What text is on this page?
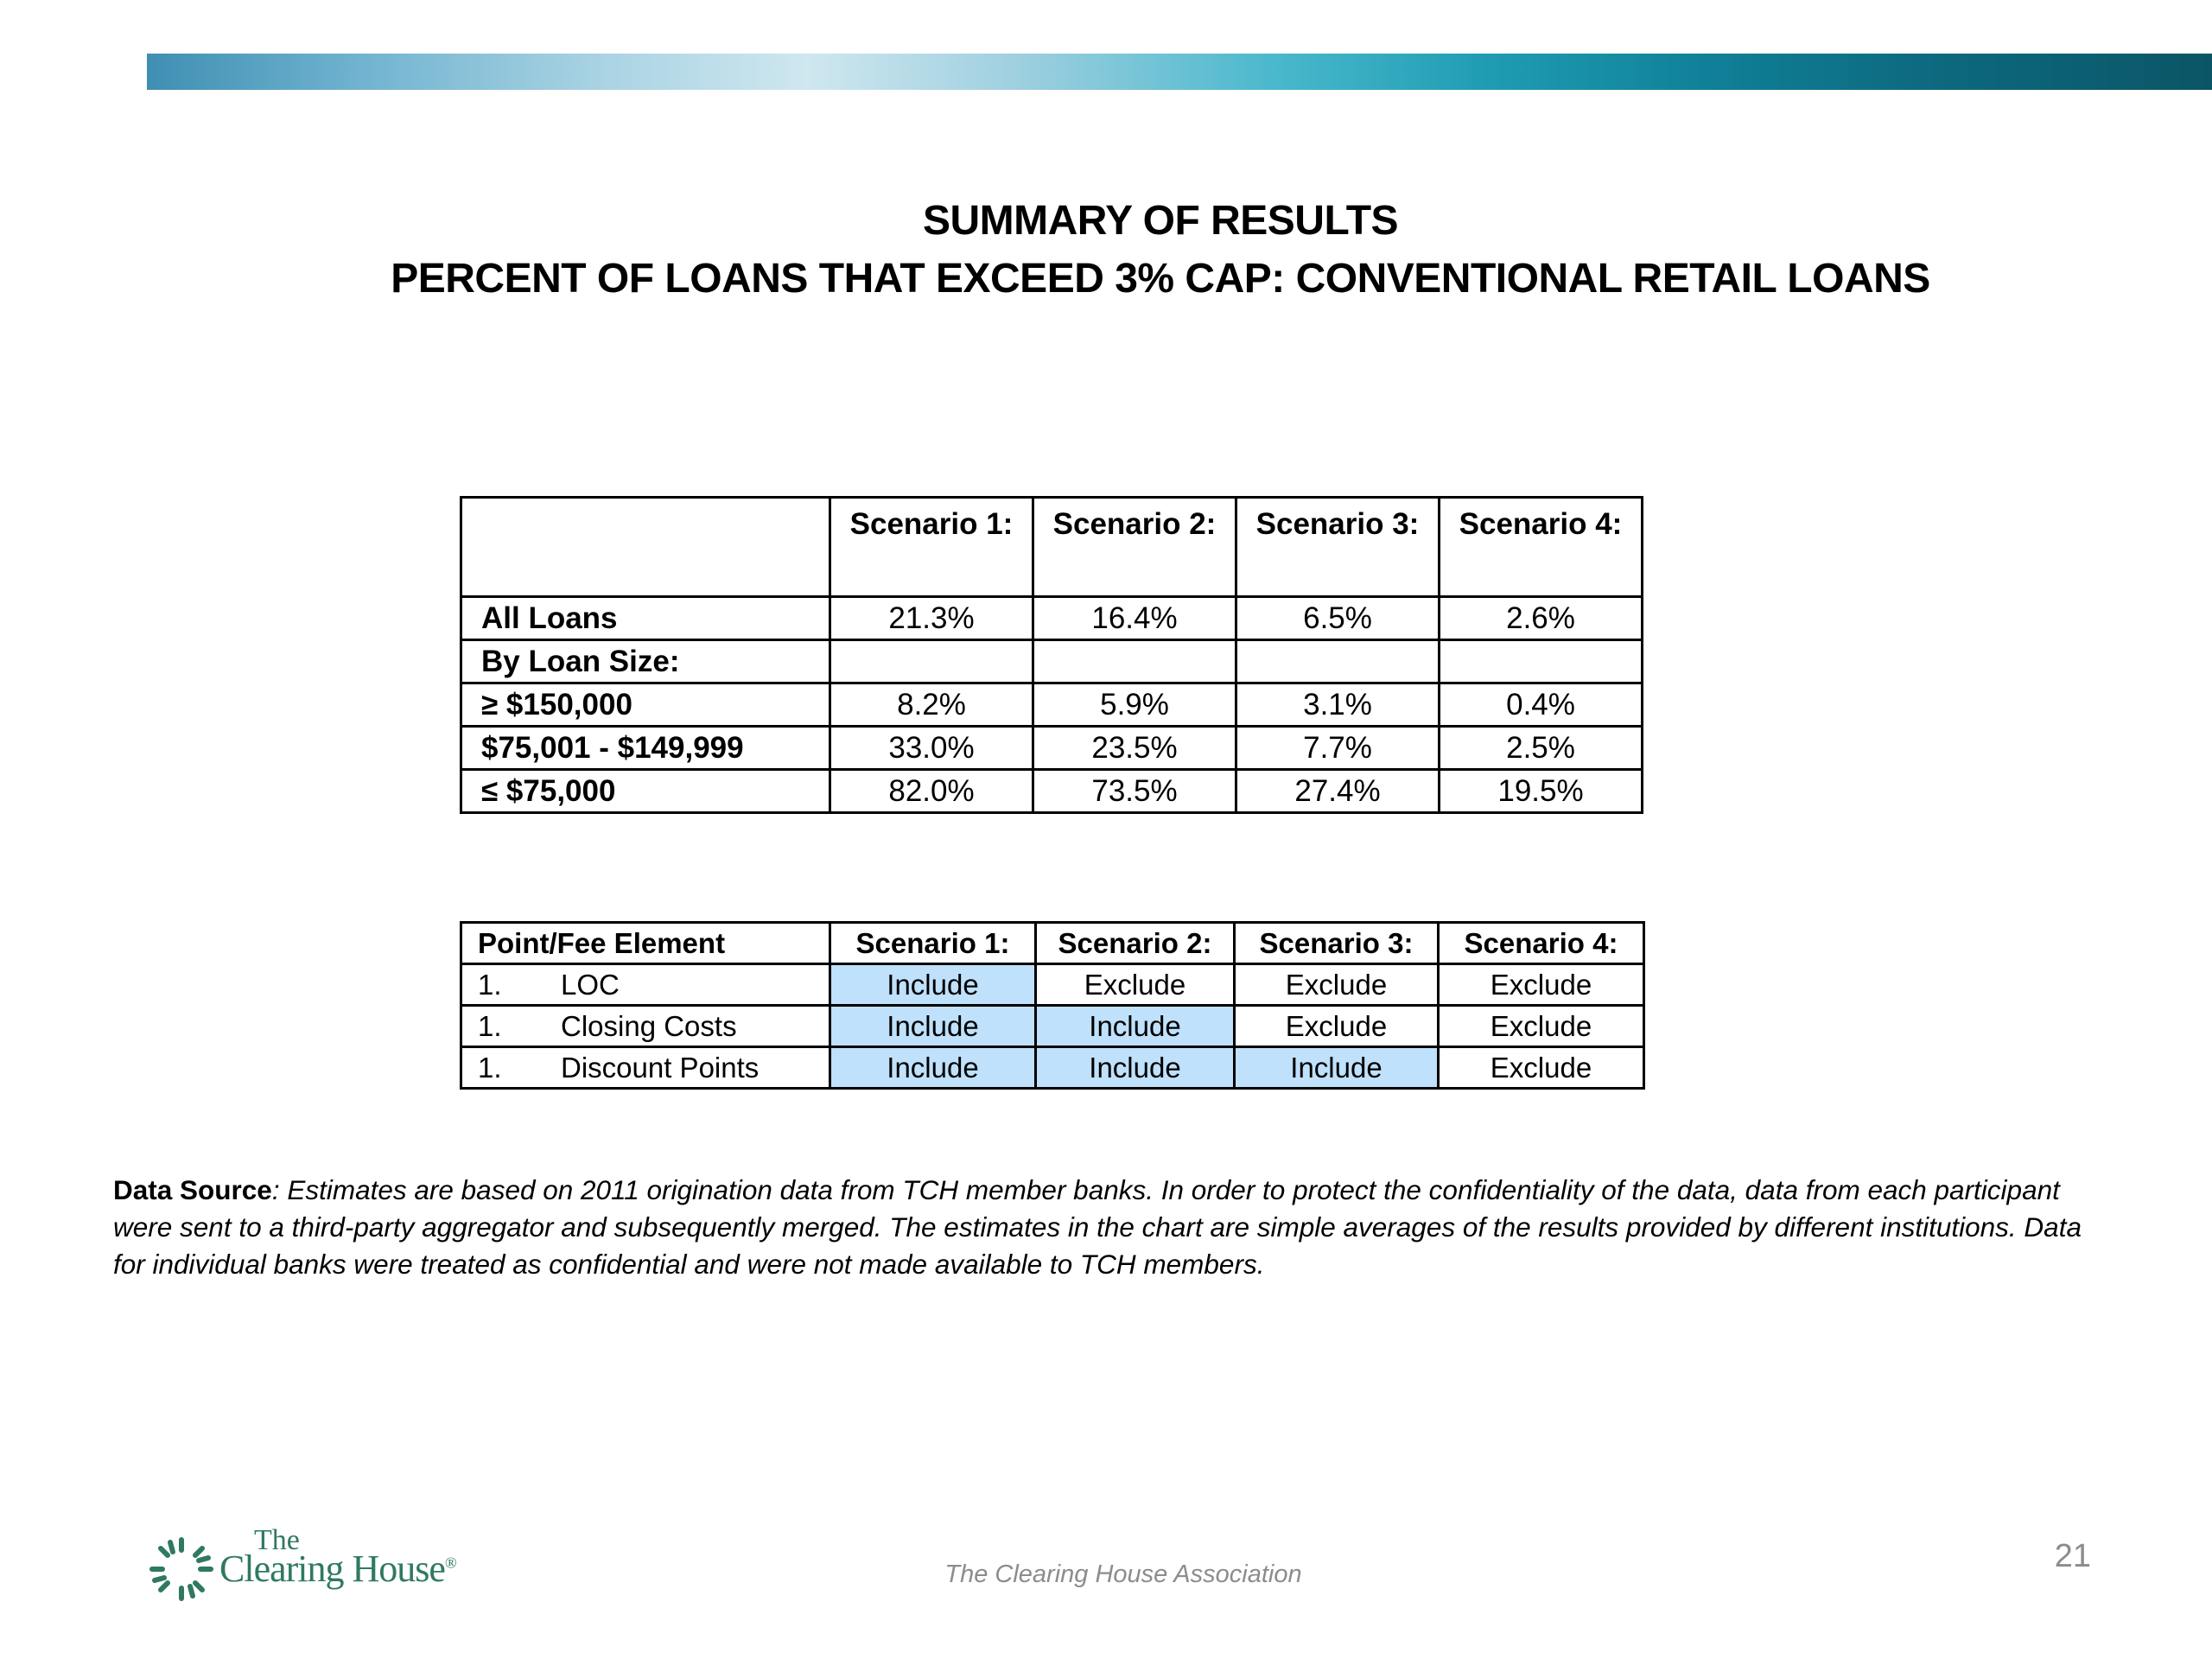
SUMMARY OF RESULTS
PERCENT OF LOANS THAT EXCEED 3% CAP: CONVENTIONAL RETAIL LOANS
	Scenario 1:	Scenario 2:	Scenario 3:	Scenario 4:
All Loans	21.3%	16.4%	6.5%	2.6%
By Loan Size:				
≥ $150,000	8.2%	5.9%	3.1%	0.4%
$75,001 - $149,999	33.0%	23.5%	7.7%	2.5%
≤ $75,000	82.0%	73.5%	27.4%	19.5%
Point/Fee Element	Scenario 1:	Scenario 2:	Scenario 3:	Scenario 4:
1. LOC	Include	Exclude	Exclude	Exclude
1. Closing Costs	Include	Include	Exclude	Exclude
1. Discount Points	Include	Include	Include	Exclude
Data Source: Estimates are based on 2011 origination data from TCH member banks. In order to protect the confidentiality of the data, data from each participant were sent to a third-party aggregator and subsequently merged. The estimates in the chart are simple averages of the results provided by different institutions. Data for individual banks were treated as confidential and were not made available to TCH members.
The
Clearing House®	The Clearing House Association	21
